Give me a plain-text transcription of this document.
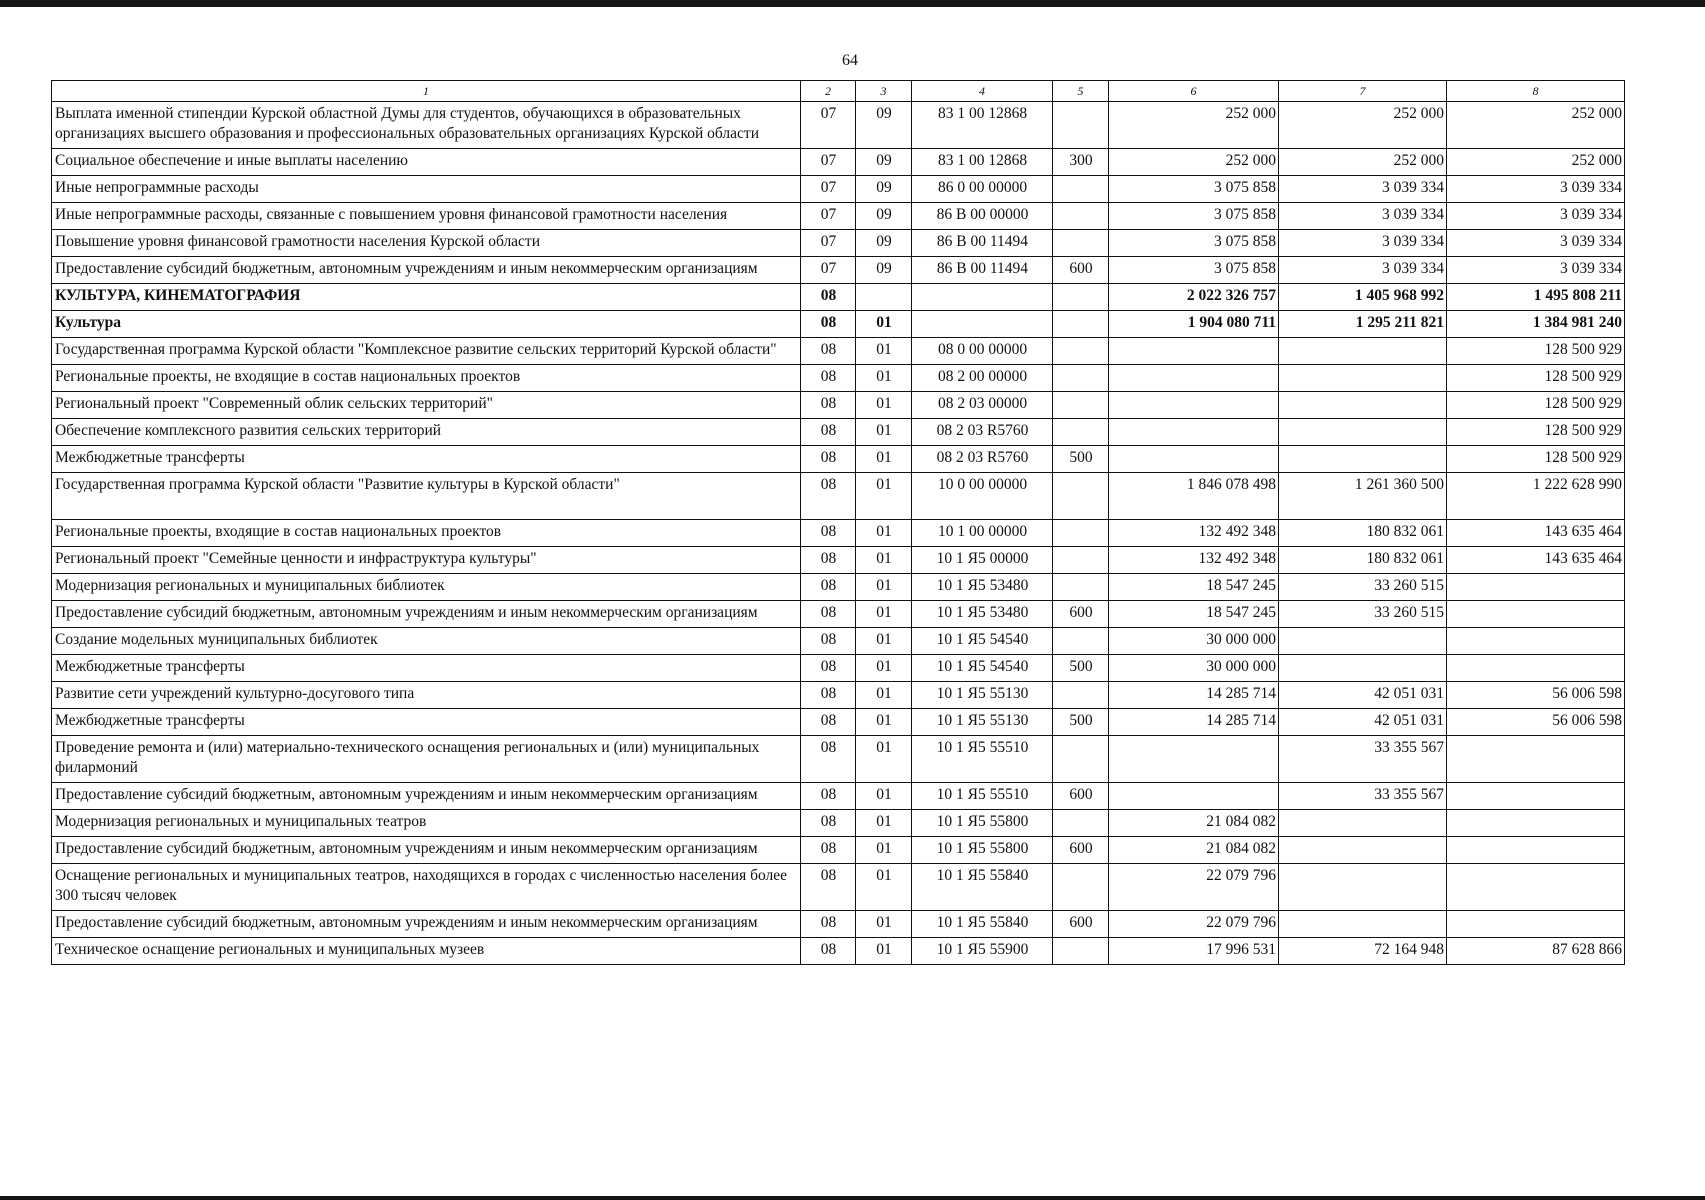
64
1	2	3	4	5	6	7	8
Выплата именной стипендии Курской областной Думы для студентов, обучающихся в образовательных организациях высшего образования и профессиональных образовательных организациях Курской области	07	09	83 1 00 12868		252 000	252 000	252 000
Социальное обеспечение и иные выплаты населению	07	09	83 1 00 12868	300	252 000	252 000	252 000
Иные непрограммные расходы	07	09	86 0 00 00000		3 075 858	3 039 334	3 039 334
Иные непрограммные расходы, связанные с повышением уровня финансовой грамотности населения	07	09	86 В 00 00000		3 075 858	3 039 334	3 039 334
Повышение уровня финансовой грамотности населения Курской области	07	09	86 В 00 11494		3 075 858	3 039 334	3 039 334
Предоставление субсидий бюджетным, автономным учреждениям и иным некоммерческим организациям	07	09	86 В 00 11494	600	3 075 858	3 039 334	3 039 334
КУЛЬТУРА, КИНЕМАТОГРАФИЯ	08				2 022 326 757	1 405 968 992	1 495 808 211
Культура	08	01			1 904 080 711	1 295 211 821	1 384 981 240
Государственная программа Курской области "Комплексное развитие сельских территорий Курской области"	08	01	08 0 00 00000				128 500 929
Региональные проекты, не входящие в состав национальных проектов	08	01	08 2 00 00000				128 500 929
Региональный проект "Современный облик сельских территорий"	08	01	08 2 03 00000				128 500 929
Обеспечение комплексного развития сельских территорий	08	01	08 2 03 R5760				128 500 929
Межбюджетные трансферты	08	01	08 2 03 R5760	500			128 500 929
Государственная программа Курской области "Развитие культуры в Курской области"	08	01	10 0 00 00000		1 846 078 498	1 261 360 500	1 222 628 990
Региональные проекты, входящие в состав национальных проектов	08	01	10 1 00 00000		132 492 348	180 832 061	143 635 464
Региональный проект "Семейные ценности и инфраструктура культуры"	08	01	10 1 Я5 00000		132 492 348	180 832 061	143 635 464
Модернизация региональных и муниципальных библиотек	08	01	10 1 Я5 53480		18 547 245	33 260 515	
Предоставление субсидий бюджетным, автономным учреждениям и иным некоммерческим организациям	08	01	10 1 Я5 53480	600	18 547 245	33 260 515	
Создание модельных муниципальных библиотек	08	01	10 1 Я5 54540		30 000 000		
Межбюджетные трансферты	08	01	10 1 Я5 54540	500	30 000 000		
Развитие сети учреждений культурно-досугового типа	08	01	10 1 Я5 55130		14 285 714	42 051 031	56 006 598
Межбюджетные трансферты	08	01	10 1 Я5 55130	500	14 285 714	42 051 031	56 006 598
Проведение ремонта и (или) материально-технического оснащения региональных и (или) муниципальных филармоний	08	01	10 1 Я5 55510			33 355 567	
Предоставление субсидий бюджетным, автономным учреждениям и иным некоммерческим организациям	08	01	10 1 Я5 55510	600		33 355 567	
Модернизация региональных и муниципальных театров	08	01	10 1 Я5 55800		21 084 082		
Предоставление субсидий бюджетным, автономным учреждениям и иным некоммерческим организациям	08	01	10 1 Я5 55800	600	21 084 082		
Оснащение региональных и муниципальных театров, находящихся в городах с численностью населения более 300 тысяч человек	08	01	10 1 Я5 55840		22 079 796		
Предоставление субсидий бюджетным, автономным учреждениям и иным некоммерческим организациям	08	01	10 1 Я5 55840	600	22 079 796		
Техническое оснащение региональных и муниципальных музеев	08	01	10 1 Я5 55900		17 996 531	72 164 948	87 628 866
